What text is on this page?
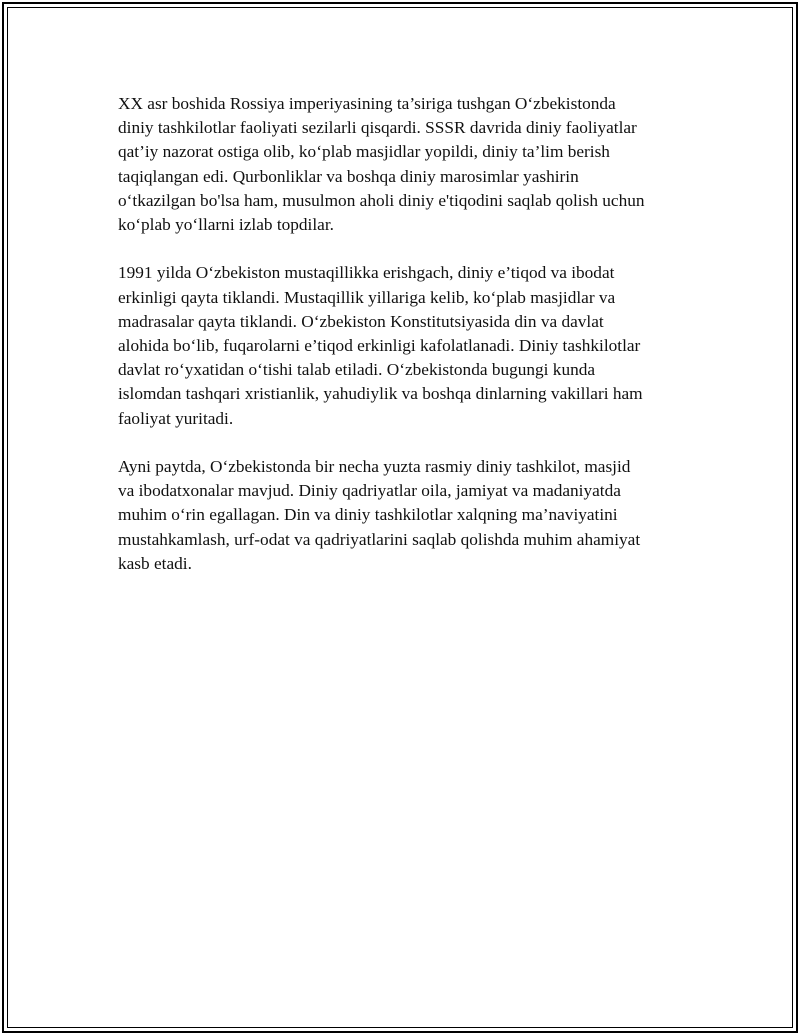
XX asr boshida Rossiya imperiyasining ta’siriga tushgan O‘zbekistonda
diniy tashkilotlar faoliyati sezilarli qisqardi. SSSR davrida diniy faoliyatlar
qat’iy nazorat ostiga olib, ko‘plab masjidlar yopildi, diniy ta’lim berish
taqiqlangan edi. Qurbonliklar va boshqa diniy marosimlar yashirin
o‘tkazilgan bo'lsa ham, musulmon aholi diniy e'tiqodini saqlab qolish uchun
ko‘plab yo‘llarni izlab topdilar.

1991 yilda O‘zbekiston mustaqillikka erishgach, diniy e’tiqod va ibodat
erkinligi qayta tiklandi. Mustaqillik yillariga kelib, ko‘plab masjidlar va
madrasalar qayta tiklandi. O‘zbekiston Konstitutsiyasida din va davlat
alohida bo‘lib, fuqarolarni e’tiqod erkinligi kafolatlanadi. Diniy tashkilotlar
davlat ro‘yxatidan o‘tishi talab etiladi. O‘zbekistonda bugungi kunda
islomdan tashqari xristianlik, yahudiylik va boshqa dinlarning vakillari ham
faoliyat yuritadi.

Ayni paytda, O‘zbekistonda bir necha yuzta rasmiy diniy tashkilot, masjid
va ibodatxonalar mavjud. Diniy qadriyatlar oila, jamiyat va madaniyatda
muhim o‘rin egallagan. Din va diniy tashkilotlar xalqning ma’naviyatini
mustahkamlash, urf-odat va qadriyatlarini saqlab qolishda muhim ahamiyat
kasb etadi.
